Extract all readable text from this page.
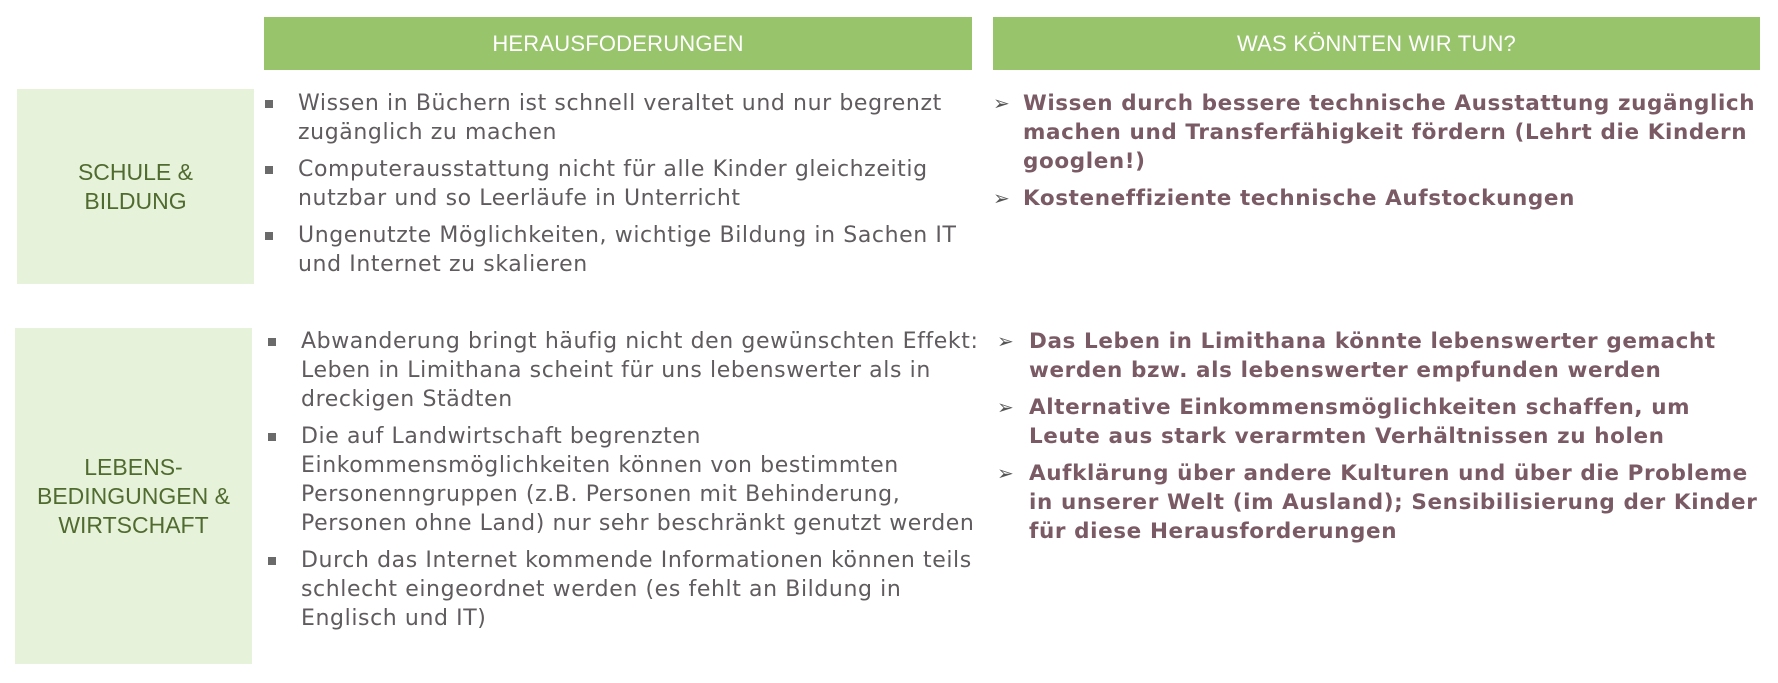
HERAUSFODERUNGEN	WAS KÖNNTEN WIR TUN?
SCHULE &
BILDUNG
Wissen in Büchern ist schnell veraltet und nur begrenzt zugänglich zu machen
Computerausstattung nicht für alle Kinder gleichzeitig nutzbar und so Leerläufe in Unterricht
Ungenutzte Möglichkeiten, wichtige Bildung in Sachen IT und Internet zu skalieren
➢ Wissen durch bessere technische Ausstattung zugänglich machen und Transferfähigkeit fördern (Lehrt die Kindern googlen!)
➢ Kosteneffiziente technische Aufstockungen
LEBENS-
BEDINGUNGEN &
WIRTSCHAFT
Abwanderung bringt häufig nicht den gewünschten Effekt: Leben in Limithana scheint für uns lebenswerter als in dreckigen Städten
Die auf Landwirtschaft begrenzten Einkommensmöglichkeiten können von bestimmten Personenngruppen (z.B. Personen mit Behinderung, Personen ohne Land) nur sehr beschränkt genutzt werden
Durch das Internet kommende Informationen können teils schlecht eingeordnet werden (es fehlt an Bildung in Englisch und IT)
➢ Das Leben in Limithana könnte lebenswerter gemacht werden bzw. als lebenswerter empfunden werden
➢ Alternative Einkommensmöglichkeiten schaffen, um Leute aus stark verarmten Verhältnissen zu holen
➢ Aufklärung über andere Kulturen und über die Probleme in unserer Welt (im Ausland); Sensibilisierung der Kinder für diese Herausforderungen
